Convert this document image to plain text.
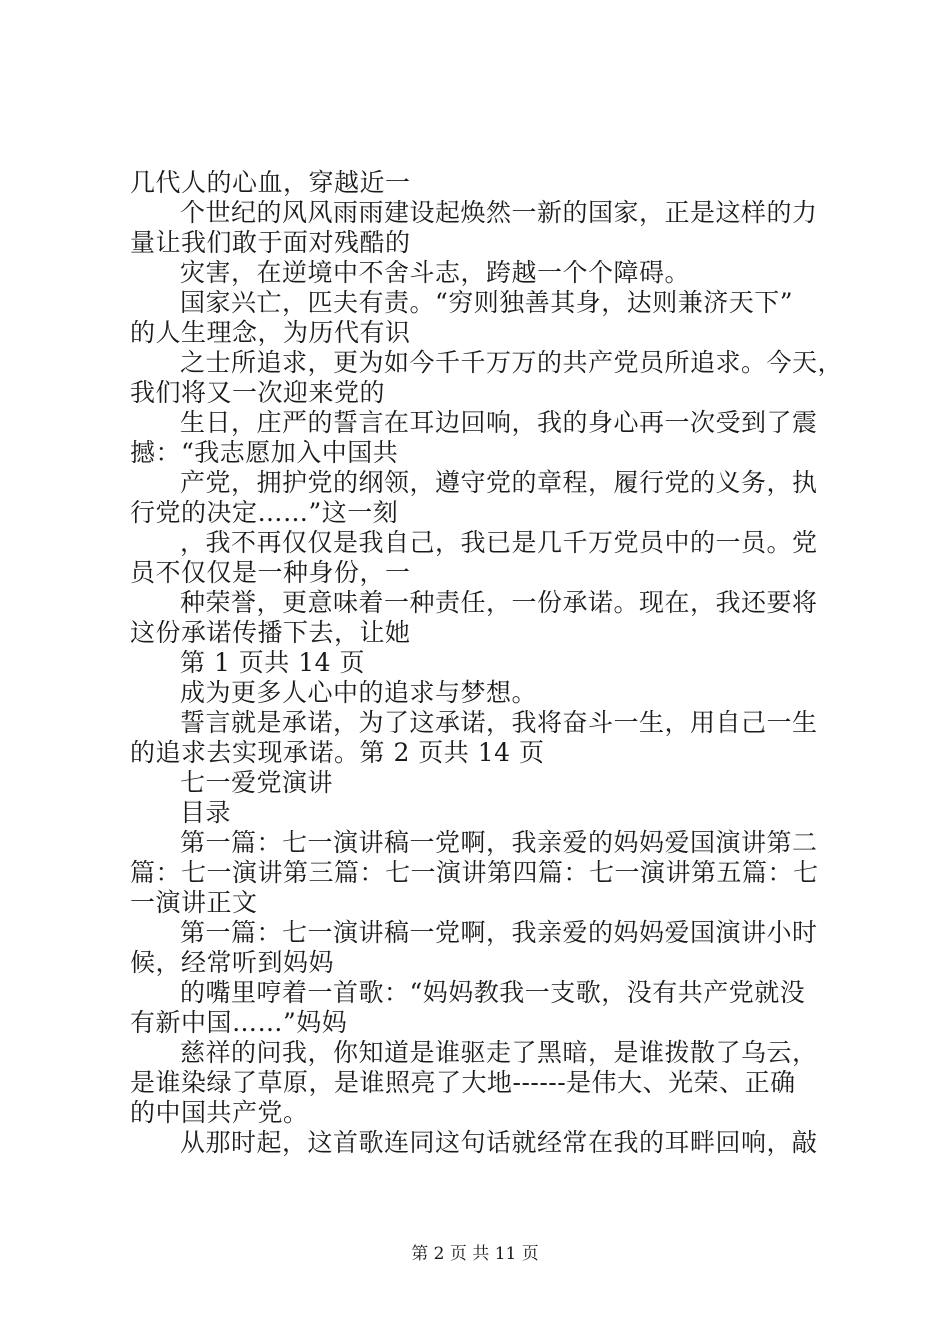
几代人的心血，穿越近一
个世纪的风风雨雨建设起焕然一新的国家，正是这样的力
量让我们敢于面对残酷的
灾害，在逆境中不舍斗志，跨越一个个障碍。
国家兴亡，匹夫有责。“穷则独善其身，达则兼济天下”
的人生理念，为历代有识
之士所追求，更为如今千千万万的共产党员所追求。今天，
我们将又一次迎来党的
生日，庄严的誓言在耳边回响，我的身心再一次受到了震
撼：“我志愿加入中国共
产党，拥护党的纲领，遵守党的章程，履行党的义务，执
行党的决定……”这一刻
，我不再仅仅是我自己，我已是几千万党员中的一员。党
员不仅仅是一种身份，一
种荣誉，更意味着一种责任，一份承诺。现在，我还要将
这份承诺传播下去，让她
第 1 页共 14 页
成为更多人心中的追求与梦想。
誓言就是承诺，为了这承诺，我将奋斗一生，用自己一生
的追求去实现承诺。第 2 页共 14 页
七一爱党演讲
目录
第一篇：七一演讲稿一党啊，我亲爱的妈妈爱国演讲第二
篇：七一演讲第三篇：七一演讲第四篇：七一演讲第五篇：七
一演讲正文
第一篇：七一演讲稿一党啊，我亲爱的妈妈爱国演讲小时
候，经常听到妈妈
的嘴里哼着一首歌：“妈妈教我一支歌，没有共产党就没
有新中国……”妈妈
慈祥的问我，你知道是谁驱走了黑暗，是谁拨散了乌云，
是谁染绿了草原，是谁照亮了大地------是伟大、光荣、正确
的中国共产党。
从那时起，这首歌连同这句话就经常在我的耳畔回响，敲
第 2 页 共 11 页
